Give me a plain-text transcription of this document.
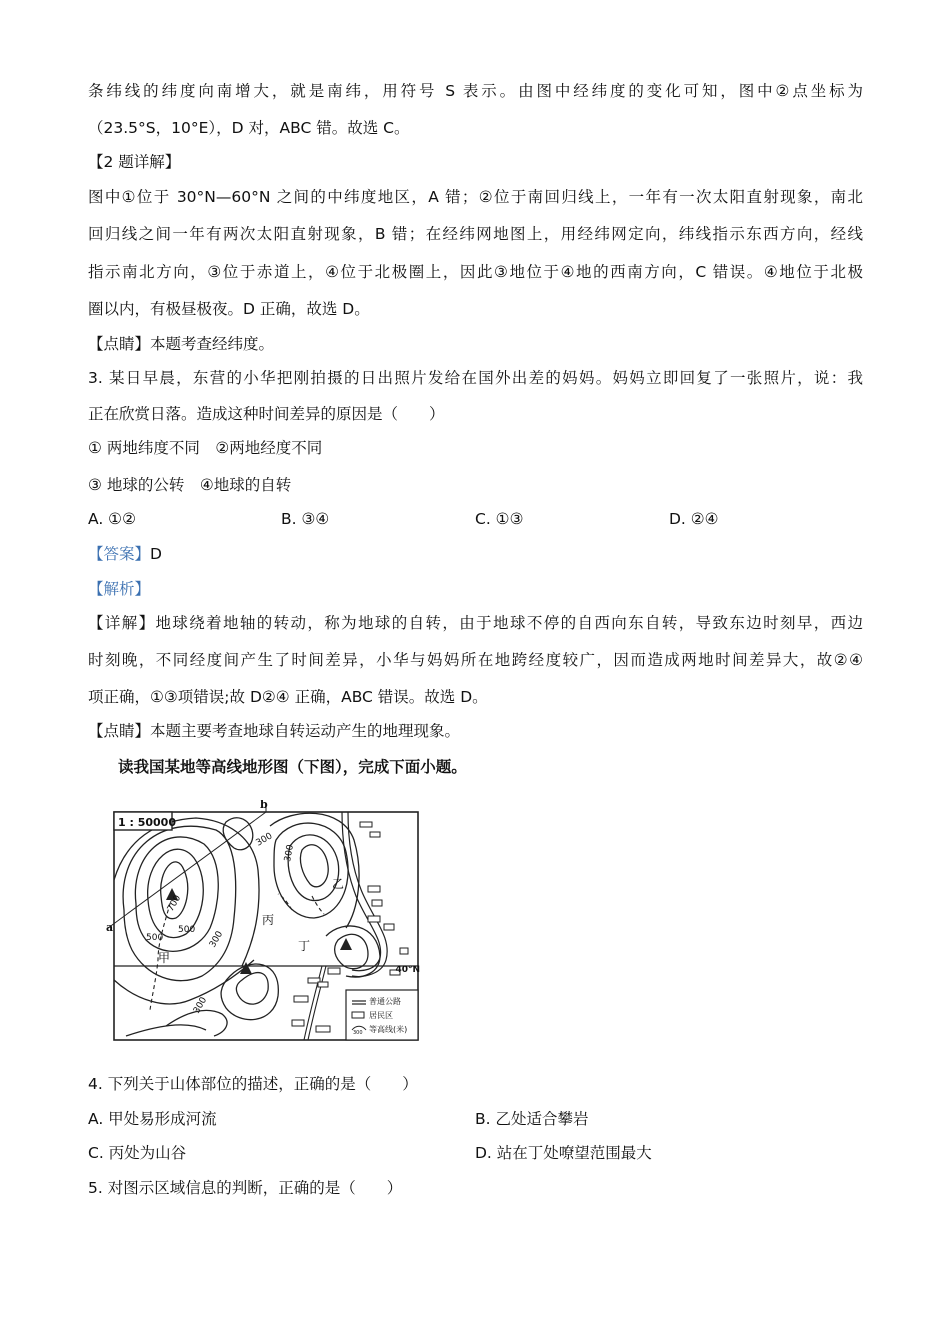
条纬线的纬度向南增大，就是南纬，用符号 S 表示。由图中经纬度的变化可知，图中②点坐标为
（23.5°S，10°E），D 对，ABC 错。故选 C。
【2 题详解】
图中①位于 30°N—60°N 之间的中纬度地区，A 错；②位于南回归线上，一年有一次太阳直射现象，南北
回归线之间一年有两次太阳直射现象，B 错；在经纬网地图上，用经纬网定向，纬线指示东西方向，经线
指示南北方向，③位于赤道上，④位于北极圈上，因此③地位于④地的西南方向，C 错误。④地位于北极
圈以内，有极昼极夜。D 正确，故选 D。
【点睛】本题考查经纬度。
3. 某日早晨，东营的小华把刚拍摄的日出照片发给在国外出差的妈妈。妈妈立即回复了一张照片，说：我
正在欣赏日落。造成这种时间差异的原因是（　　）
① 两地纬度不同　②两地经度不同
③ 地球的公转　④地球的自转
A. ①②	B. ③④	C. ①③	D. ②④
【答案】D
【解析】
【详解】地球绕着地轴的转动，称为地球的自转，由于地球不停的自西向东自转，导致东边时刻早，西边
时刻晚，不同经度间产生了时间差异，小华与妈妈所在地跨经度较广，因而造成两地时间差异大，故②④
项正确，①③项错误;故 D②④ 正确，ABC 错误。故选 D。
【点睛】本题主要考查地球自转运动产生的地理现象。
读我国某地等高线地形图（下图），完成下面小题。
1 : 50000
a
b
40°N
甲
乙
丙
丁
700
500
500
300
300
300
300	普通公路
居民区
300 等高线(米)
4. 下列关于山体部位的描述，正确的是（　　）
A. 甲处易形成河流	B. 乙处适合攀岩
C. 丙处为山谷	D. 站在丁处嘹望范围最大
5. 对图示区域信息的判断，正确的是（　　）
